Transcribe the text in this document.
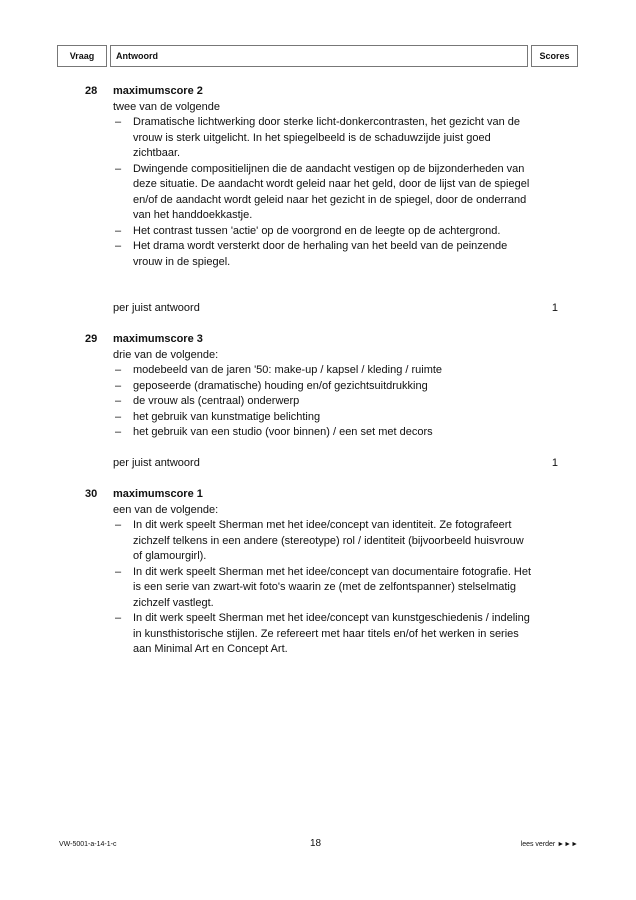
Vraag	Antwoord	Scores
28 maximumscore 2
twee van de volgende
– Dramatische lichtwerking door sterke licht-donkercontrasten, het gezicht van de vrouw is sterk uitgelicht. In het spiegelbeeld is de schaduwzijde juist goed zichtbaar.
– Dwingende compositielijnen die de aandacht vestigen op de bijzonderheden van deze situatie. De aandacht wordt geleid naar het geld, door de lijst van de spiegel en/of de aandacht wordt geleid naar het gezicht in de spiegel, door de onderrand van het handdoekkastje.
– Het contrast tussen 'actie' op de voorgrond en de leegte op de achtergrond.
– Het drama wordt versterkt door de herhaling van het beeld van de peinzende vrouw in de spiegel.
per juist antwoord	1
29 maximumscore 3
drie van de volgende:
– modebeeld van de jaren '50: make-up / kapsel / kleding / ruimte
– geposeerde (dramatische) houding en/of gezichtsuitdrukking
– de vrouw als (centraal) onderwerp
– het gebruik van kunstmatige belichting
– het gebruik van een studio (voor binnen) / een set met decors
per juist antwoord	1
30 maximumscore 1
een van de volgende:
– In dit werk speelt Sherman met het idee/concept van identiteit. Ze fotografeert zichzelf telkens in een andere (stereotype) rol / identiteit (bijvoorbeeld huisvrouw of glamourgirl).
– In dit werk speelt Sherman met het idee/concept van documentaire fotografie. Het is een serie van zwart-wit foto's waarin ze (met de zelfontspanner) stelselmatig zichzelf vastlegt.
– In dit werk speelt Sherman met het idee/concept van kunstgeschiedenis / indeling in kunsthistorische stijlen. Ze refereert met haar titels en/of het werken in series aan Minimal Art en Concept Art.
VW-5001-a-14-1-c	18	lees verder ►►►
